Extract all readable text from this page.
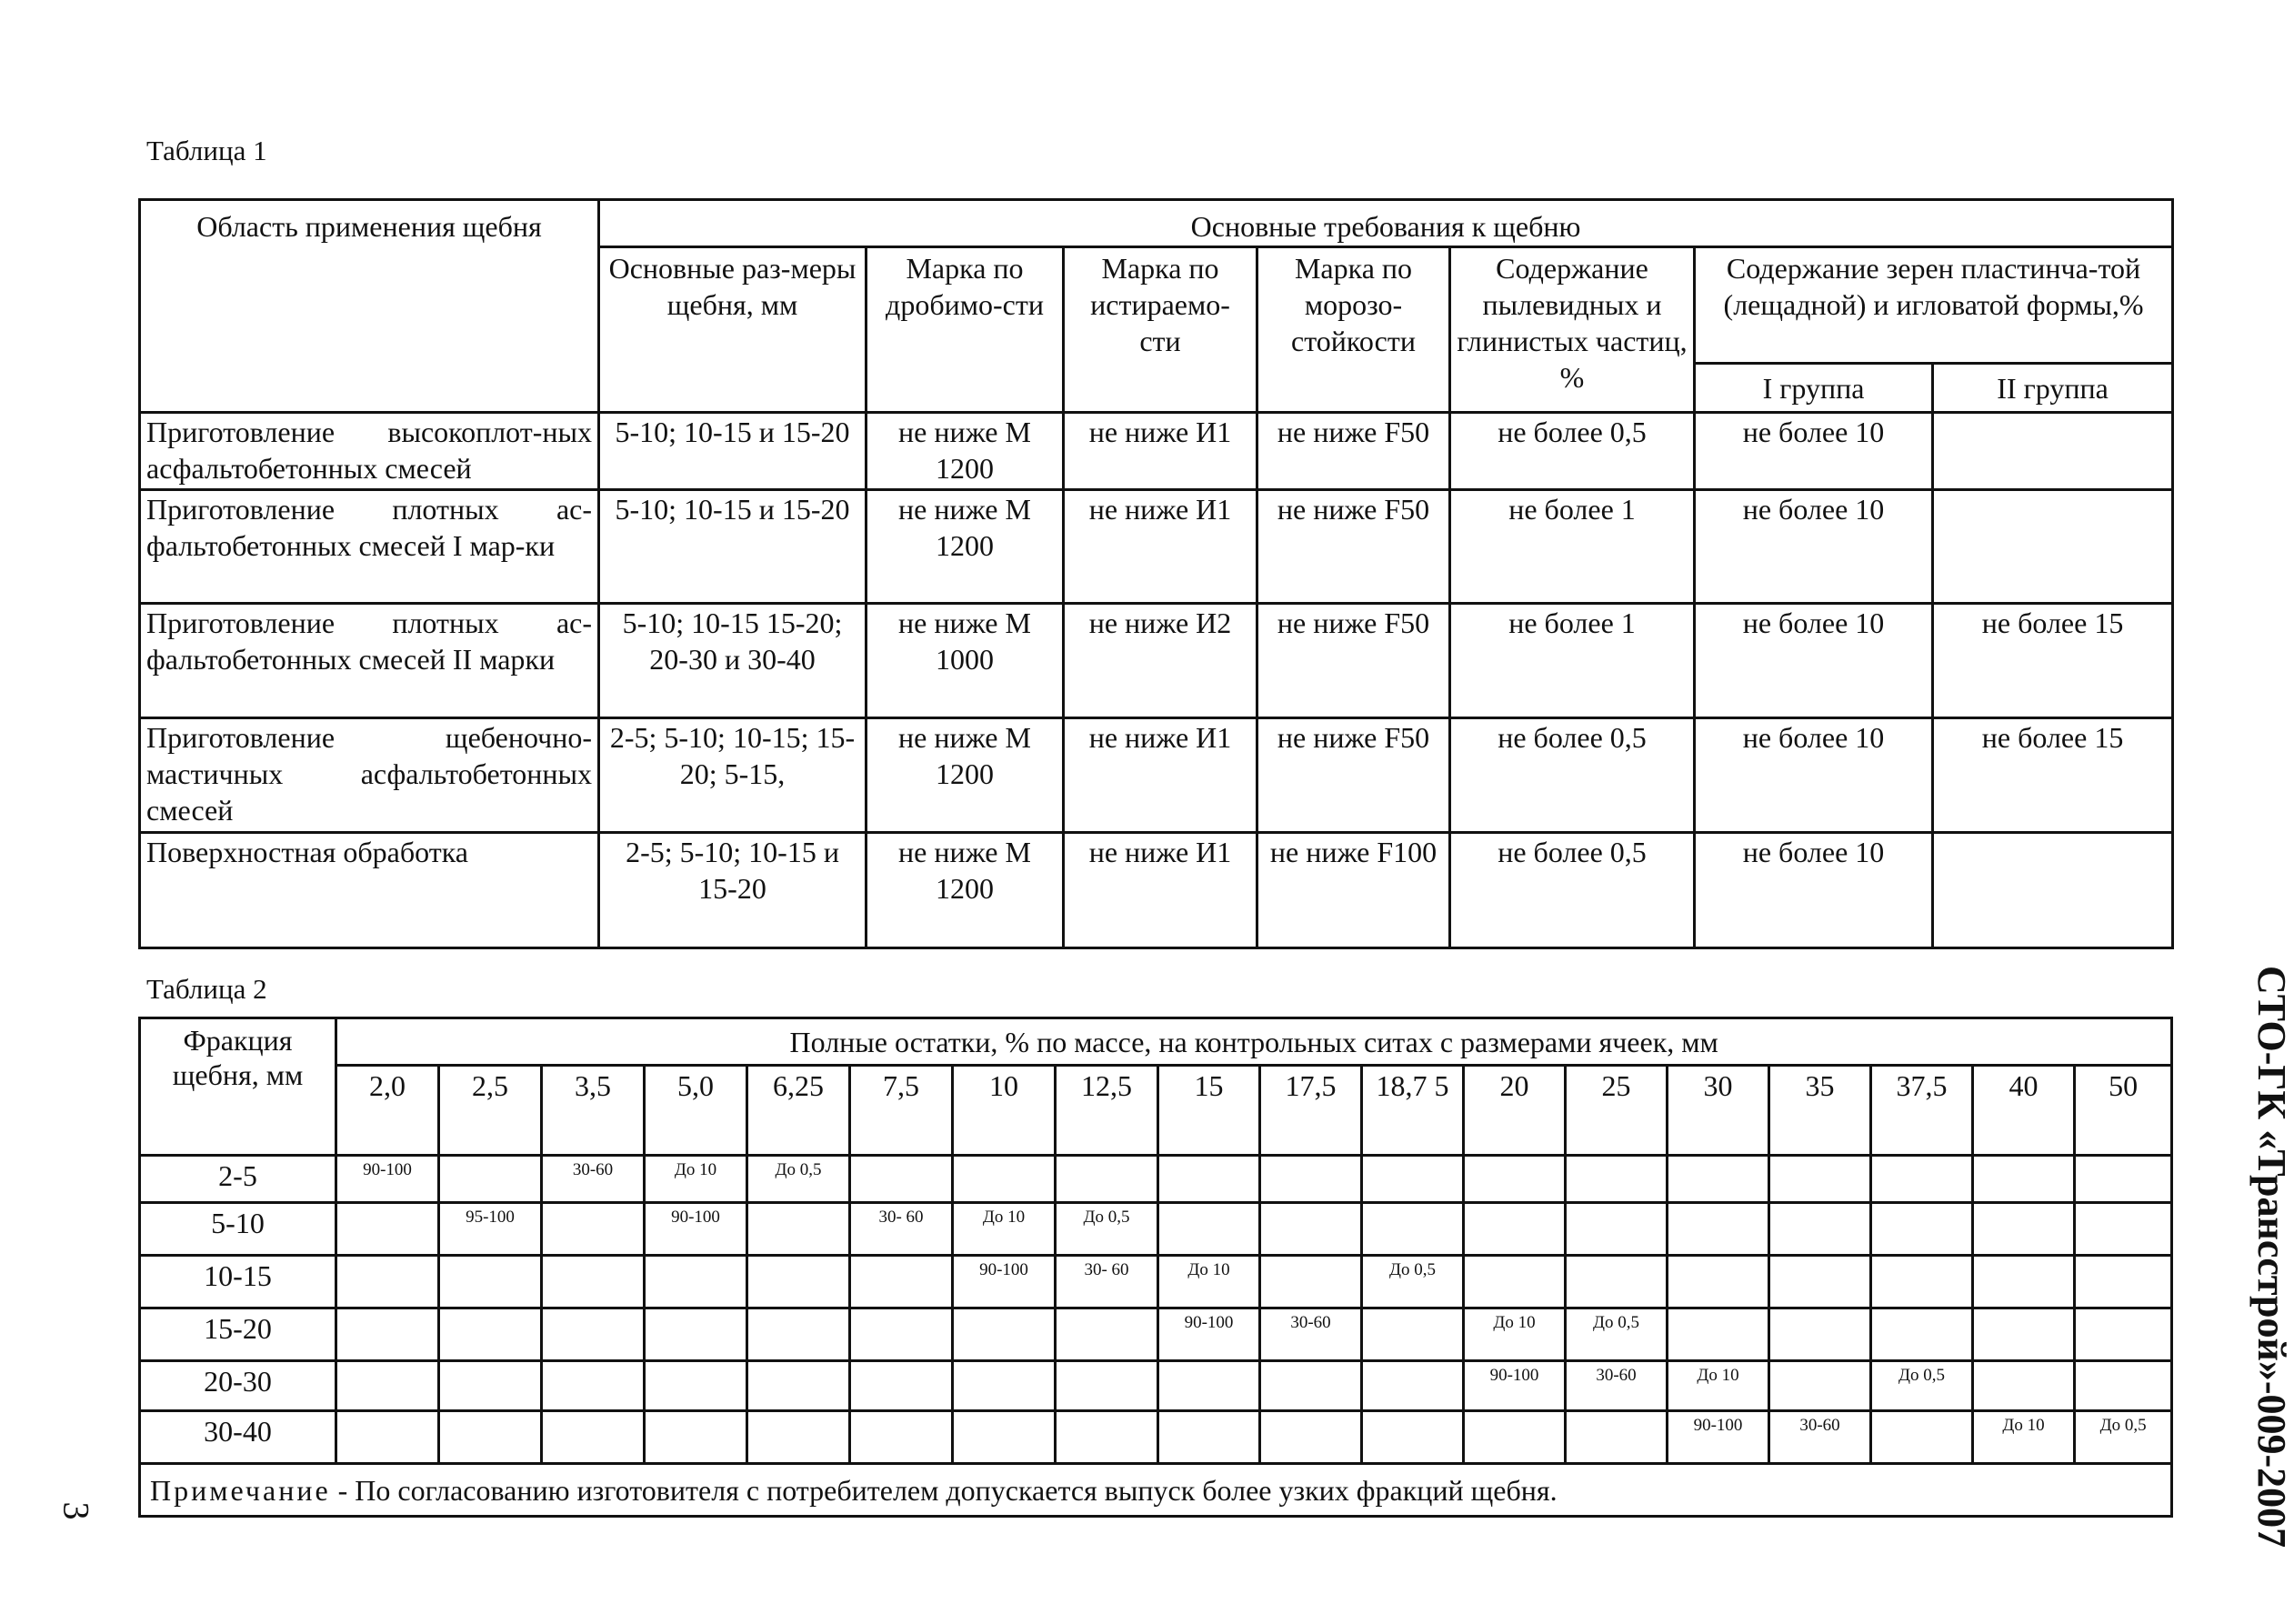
Таблица 1
Область применения щебня	Основные требования к щебню						
	Основные раз-меры щебня, мм	Марка по дробимо-сти	Марка по истираемо-сти	Марка по морозо-стойкости	Содержание пылевидных и глинистых частиц, %	Содержание зерен пластинча-той (лещадной) и игловатой формы,%	
						I группа	II группа
Приготовление высокоплот-ных асфальтобетонных смесей	5-10; 10-15 и 15-20	не ниже М 1200	не ниже И1	не ниже F50	не более 0,5	не более 10	
Приготовление плотных ас-фальтобетонных смесей I мар-ки	5-10; 10-15 и 15-20	не ниже М 1200	не ниже И1	не ниже F50	не более 1	не более 10	
Приготовление плотных ас-фальтобетонных смесей II марки	5-10; 10-15 15-20; 20-30 и 30-40	не ниже М 1000	не ниже И2	не ниже F50	не более 1	не более 10	не более 15
Приготовление щебеночно-мастичных асфальтобетонных смесей	2-5; 5-10; 10-15; 15-20; 5-15,	не ниже М 1200	не ниже И1	не ниже F50	не более 0,5	не более 10	не более 15
Поверхностная обработка	2-5; 5-10; 10-15 и 15-20	не ниже М 1200	не ниже И1	не ниже F100	не более 0,5	не более 10	
Таблица 2
Фракция щебня, мм	Полные остатки, % по массе, на контрольных ситах с размерами ячеек, мм																	
	2,0	2,5	3,5	5,0	6,25	7,5	10	12,5	15	17,5	18,7 5	20	25	30	35	37,5	40	50
2-5	90-100		30-60	До 10	До 0,5													
5-10		95-100		90-100		30- 60	До 10	До 0,5										
10-15							90-100	30- 60	До 10		До 0,5							
15-20									90-100	30-60		До 10	До 0,5					
20-30												90-100	30-60	До 10		До 0,5		
30-40														90-100	30-60		До 10	До 0,5
Примечание - По согласованию изготовителя с потребителем допускается выпуск более узких фракций щебня.																			СТО-ГК «Трансстрой»-009-2007
3
